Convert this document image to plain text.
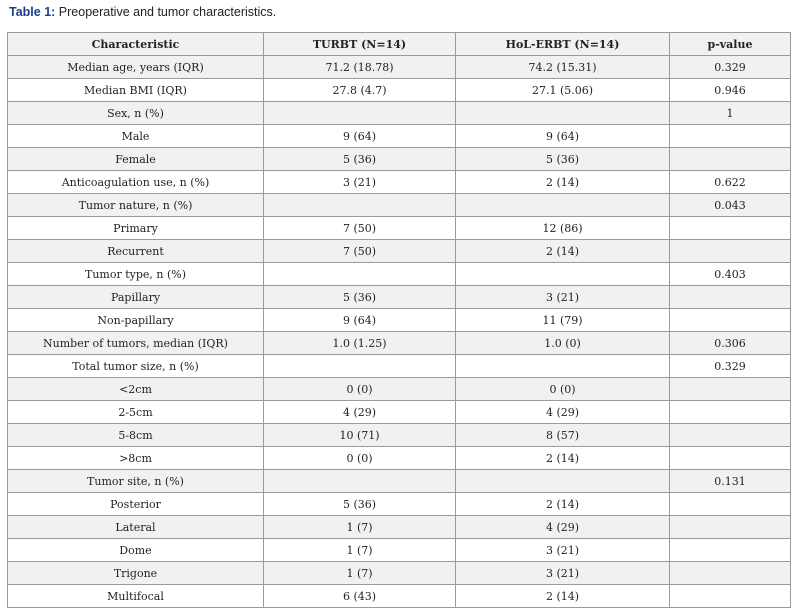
Table 1: Preoperative and tumor characteristics.
Characteristic	TURBT (N=14)	HoL-ERBT (N=14)	p-value
Median age, years (IQR)	71.2 (18.78)	74.2 (15.31)	0.329
Median BMI (IQR)	27.8 (4.7)	27.1 (5.06)	0.946
Sex, n (%)			1
Male	9 (64)	9 (64)	
Female	5 (36)	5 (36)	
Anticoagulation use, n (%)	3 (21)	2 (14)	0.622
Tumor nature, n (%)			0.043
Primary	7 (50)	12 (86)	
Recurrent	7 (50)	2 (14)	
Tumor type, n (%)			0.403
Papillary	5 (36)	3 (21)	
Non-papillary	9 (64)	11 (79)	
Number of tumors, median (IQR)	1.0 (1.25)	1.0 (0)	0.306
Total tumor size, n (%)			0.329
<2cm	0 (0)	0 (0)	
2-5cm	4 (29)	4 (29)	
5-8cm	10 (71)	8 (57)	
>8cm	0 (0)	2 (14)	
Tumor site, n (%)			0.131
Posterior	5 (36)	2 (14)	
Lateral	1 (7)	4 (29)	
Dome	1 (7)	3 (21)	
Trigone	1 (7)	3 (21)	
Multifocal	6 (43)	2 (14)	
